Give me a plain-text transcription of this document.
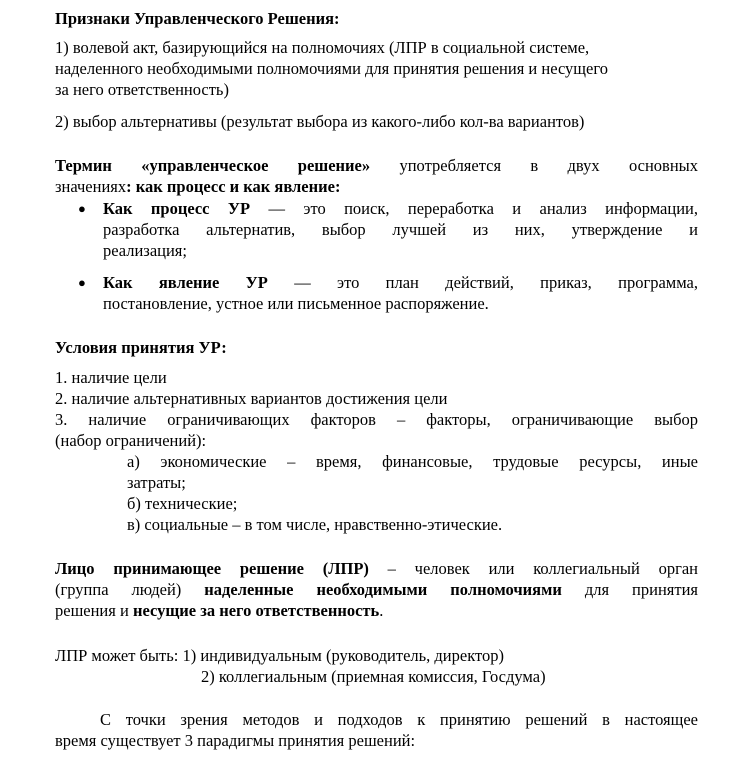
Признаки Управленческого Решения:

1) волевой акт, базирующийся на полномочиях (ЛПР в социальной системе,
наделенного необходимыми полномочиями для принятия решения и несущего
за него ответственность)

2) выбор альтернативы (результат выбора из какого-либо кол-ва вариантов)

Термин «управленческое решение» употребляется в двух основных
значениях: как процесс и как явление:
● Как процесс УР — это поиск, переработка и анализ информации,
разработка альтернатив, выбор лучшей из них, утверждение и
реализация;
● Как явление УР — это план действий, приказ, программа,
постановление, устное или письменное распоряжение.

Условия принятия УР:

1. наличие цели
2. наличие альтернативных вариантов достижения цели
3. наличие ограничивающих факторов – факторы, ограничивающие выбор
(набор ограничений):
а) экономические – время, финансовые, трудовые ресурсы, иные
затраты;
б) технические;
в) социальные – в том числе, нравственно-этические.
Лицо принимающее решение (ЛПР) – человек или коллегиальный орган
(группа людей) наделенные необходимыми полномочиями для принятия
решения и несущие за него ответственность.

ЛПР может быть: 1) индивидуальным (руководитель, директор)

2) коллегиальным (приемная комиссия, Госдума)

С точки зрения методов и подходов к принятию решений в настоящее
время существует 3 парадигмы принятия решений:
